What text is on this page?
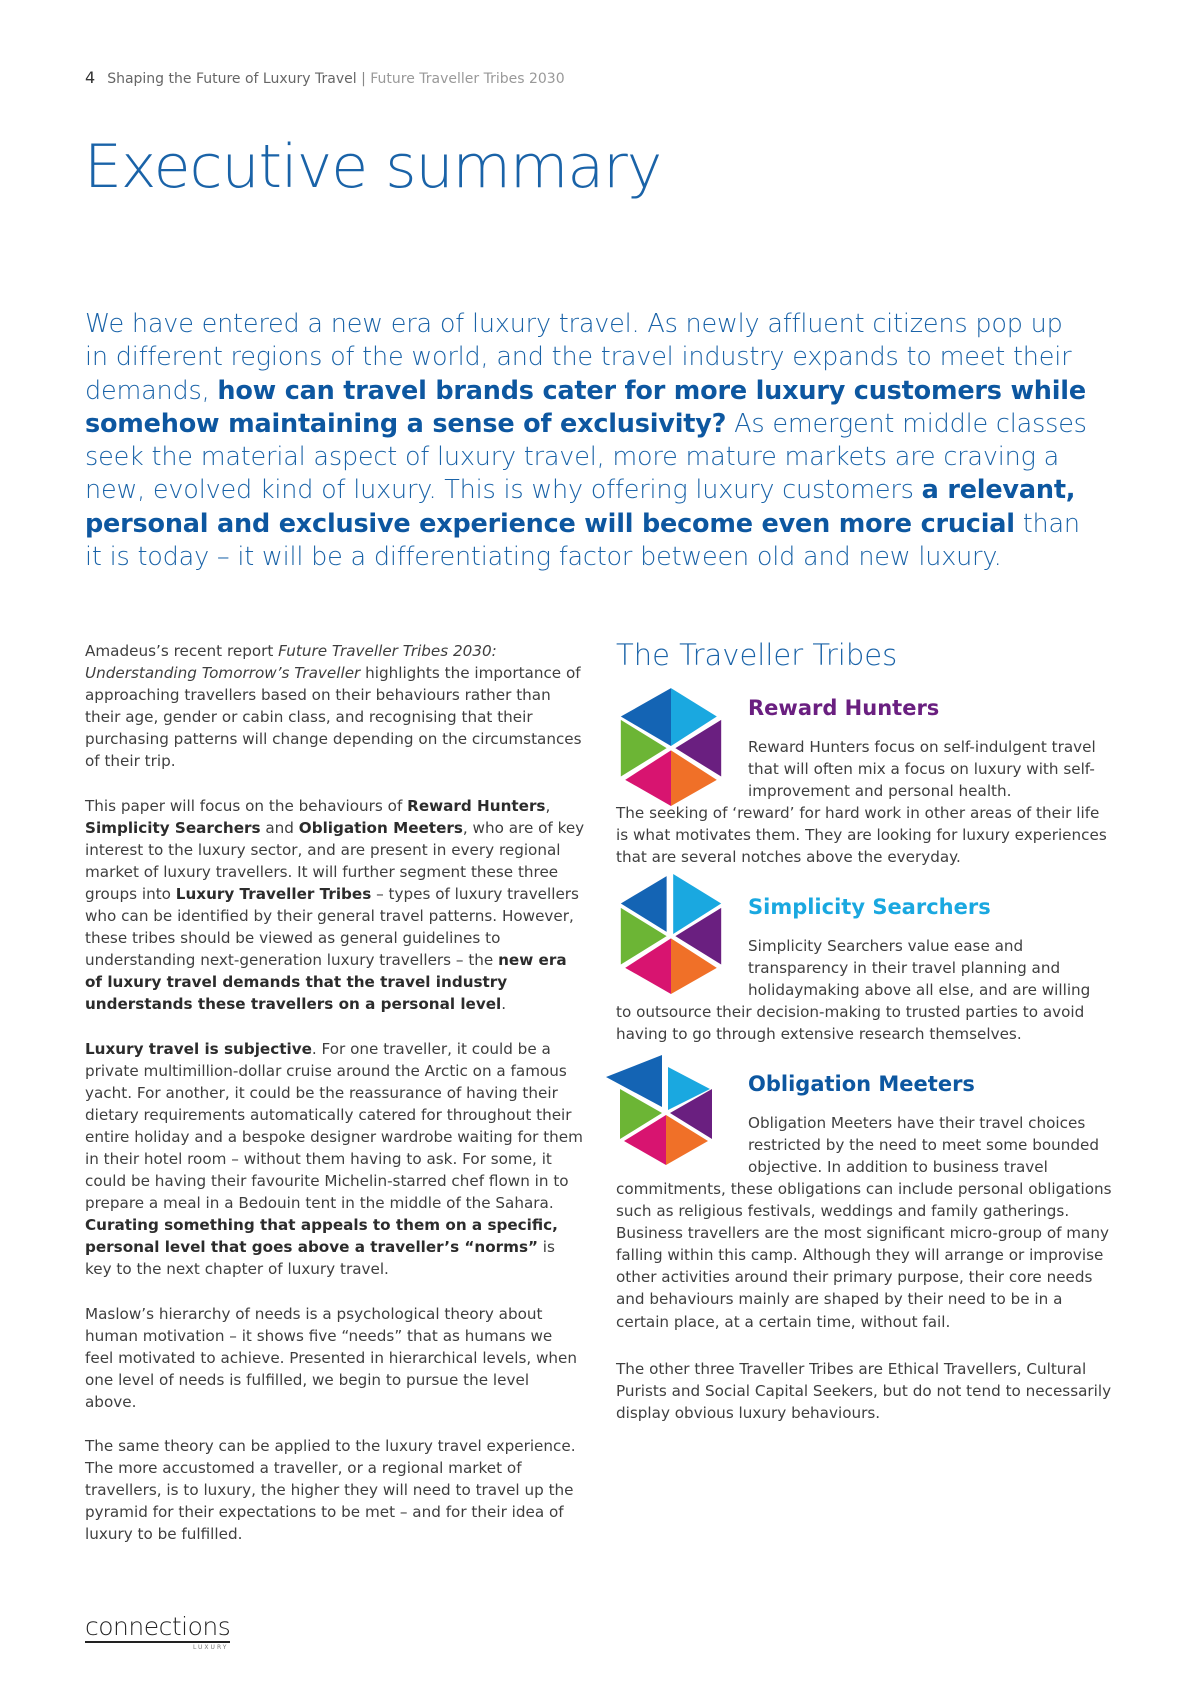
4 Shaping the Future of Luxury Travel | Future Traveller Tribes 2030
Executive summary
We have entered a new era of luxury travel. As newly affluent citizens pop up in different regions of the world, and the travel industry expands to meet their demands, how can travel brands cater for more luxury customers while somehow maintaining a sense of exclusivity? As emergent middle classes seek the material aspect of luxury travel, more mature markets are craving a new, evolved kind of luxury. This is why offering luxury customers a relevant, personal and exclusive experience will become even more crucial than it is today – it will be a differentiating factor between old and new luxury.

Amadeus’s recent report Future Traveller Tribes 2030: Understanding Tomorrow’s Traveller highlights the importance of approaching travellers based on their behaviours rather than their age, gender or cabin class, and recognising that their purchasing patterns will change depending on the circumstances of their trip.

This paper will focus on the behaviours of Reward Hunters, Simplicity Searchers and Obligation Meeters, who are of key interest to the luxury sector, and are present in every regional market of luxury travellers. It will further segment these three groups into Luxury Traveller Tribes – types of luxury travellers who can be identified by their general travel patterns. However, these tribes should be viewed as general guidelines to understanding next-generation luxury travellers – the new era of luxury travel demands that the travel industry understands these travellers on a personal level.

Luxury travel is subjective. For one traveller, it could be a private multimillion-dollar cruise around the Arctic on a famous yacht. For another, it could be the reassurance of having their dietary requirements automatically catered for throughout their entire holiday and a bespoke designer wardrobe waiting for them in their hotel room – without them having to ask. For some, it could be having their favourite Michelin-starred chef flown in to prepare a meal in a Bedouin tent in the middle of the Sahara. Curating something that appeals to them on a specific, personal level that goes above a traveller’s “norms” is key to the next chapter of luxury travel.

Maslow’s hierarchy of needs is a psychological theory about human motivation – it shows five “needs” that as humans we feel motivated to achieve. Presented in hierarchical levels, when one level of needs is fulfilled, we begin to pursue the level above.

The same theory can be applied to the luxury travel experience. The more accustomed a traveller, or a regional market of travellers, is to luxury, the higher they will need to travel up the pyramid for their expectations to be met – and for their idea of luxury to be fulfilled.

The Traveller Tribes
Reward Hunters
Reward Hunters focus on self-indulgent travel that will often mix a focus on luxury with self-improvement and personal health.
The seeking of ‘reward’ for hard work in other areas of their life is what motivates them. They are looking for luxury experiences that are several notches above the everyday.
Simplicity Searchers
Simplicity Searchers value ease and transparency in their travel planning and holidaymaking above all else, and are willing
to outsource their decision-making to trusted parties to avoid having to go through extensive research themselves.
Obligation Meeters
Obligation Meeters have their travel choices restricted by the need to meet some bounded objective. In addition to business travel
commitments, these obligations can include personal obligations such as religious festivals, weddings and family gatherings. Business travellers are the most significant micro-group of many falling within this camp. Although they will arrange or improvise other activities around their primary purpose, their core needs and behaviours mainly are shaped by their need to be in a certain place, at a certain time, without fail.
The other three Traveller Tribes are Ethical Travellers, Cultural Purists and Social Capital Seekers, but do not tend to necessarily display obvious luxury behaviours.
connections
LUXURY
